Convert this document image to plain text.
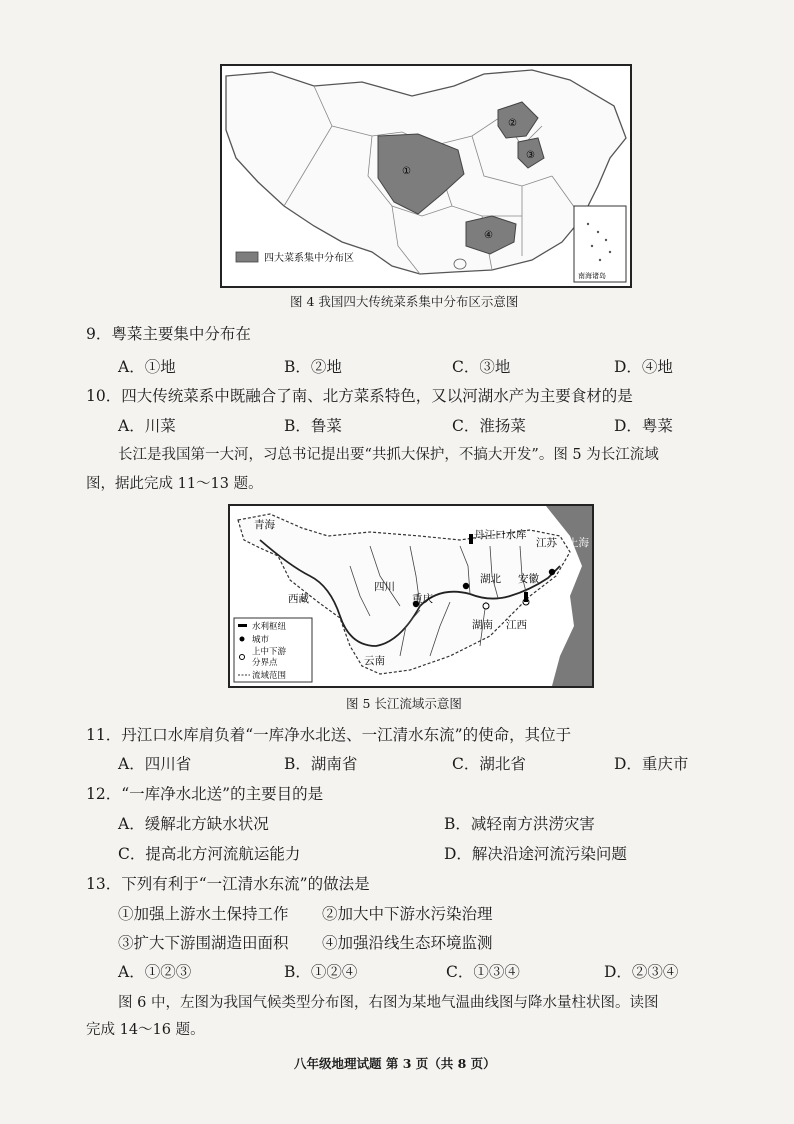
①
②
③
④
南海诸岛
四大菜系集中分布区
图 4 我国四大传统菜系集中分布区示意图
9．粤菜主要集中分布在
A．①地	B．②地	C．③地	D．④地
10．四大传统菜系中既融合了南、北方菜系特色，又以河湖水产为主要食材的是
A．川菜	B．鲁菜	C．淮扬菜	D．粤菜
长江是我国第一大河，习总书记提出要“共抓大保护，不搞大开发”。图 5 为长江流域
图，据此完成 11～13 题。
青海
西藏
四川
重庆
云南
湖南
湖北
江西
安徽
江苏 上海
丹江口水库
水利枢纽
城市
上中下游
分界点
流域范围
图 5 长江流域示意图
11．丹江口水库肩负着“一库净水北送、一江清水东流”的使命，其位于
A．四川省	B．湖南省	C．湖北省	D．重庆市
12．“一库净水北送”的主要目的是
A．缓解北方缺水状况	B．减轻南方洪涝灾害
C．提高北方河流航运能力	D．解决沿途河流污染问题
13．下列有利于“一江清水东流”的做法是
①加强上游水土保持工作 ②加大中下游水污染治理
③扩大下游围湖造田面积 ④加强沿线生态环境监测
A．①②③	B．①②④	C．①③④	D．②③④
图 6 中，左图为我国气候类型分布图，右图为某地气温曲线图与降水量柱状图。读图
完成 14～16 题。
八年级地理试题 第 3 页（共 8 页）
